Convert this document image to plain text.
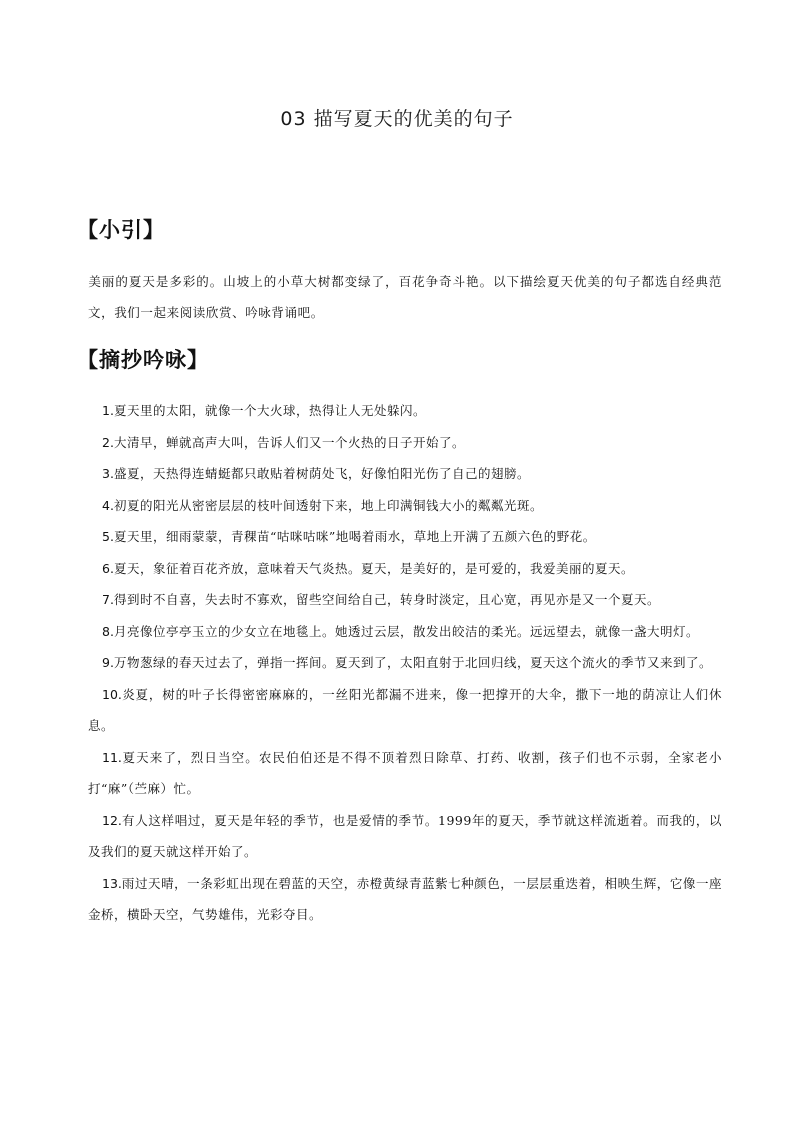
03 描写夏天的优美的句子
【小引】
美丽的夏天是多彩的。山坡上的小草大树都变绿了，百花争奇斗艳。以下描绘夏天优美的句子都选自经典范文，我们一起来阅读欣赏、吟咏背诵吧。
【摘抄吟咏】
1.夏天里的太阳，就像一个大火球，热得让人无处躲闪。
2.大清早，蝉就高声大叫，告诉人们又一个火热的日子开始了。
3.盛夏，天热得连蜻蜓都只敢贴着树荫处飞，好像怕阳光伤了自己的翅膀。
4.初夏的阳光从密密层层的枝叶间透射下来，地上印满铜钱大小的粼粼光斑。
5.夏天里，细雨蒙蒙，青稞苗“咕咪咕咪”地喝着雨水，草地上开满了五颜六色的野花。
6.夏天，象征着百花齐放，意味着天气炎热。夏天，是美好的，是可爱的，我爱美丽的夏天。
7.得到时不自喜，失去时不寡欢，留些空间给自己，转身时淡定，且心宽，再见亦是又一个夏天。
8.月亮像位亭亭玉立的少女立在地毯上。她透过云层，散发出皎洁的柔光。远远望去，就像一盏大明灯。
9.万物葱绿的春天过去了，弹指一挥间。夏天到了，太阳直射于北回归线，夏天这个流火的季节又来到了。
10.炎夏，树的叶子长得密密麻麻的，一丝阳光都漏不进来，像一把撑开的大伞，撒下一地的荫凉让人们休息。
11.夏天来了，烈日当空。农民伯伯还是不得不顶着烈日除草、打药、收割，孩子们也不示弱，全家老小打“麻”（苎麻）忙。
12.有人这样唱过，夏天是年轻的季节，也是爱情的季节。1999年的夏天，季节就这样流逝着。而我的，以及我们的夏天就这样开始了。
13.雨过天晴，一条彩虹出现在碧蓝的天空，赤橙黄绿青蓝紫七种颜色，一层层重迭着，相映生辉，它像一座金桥，横卧天空，气势雄伟，光彩夺目。
